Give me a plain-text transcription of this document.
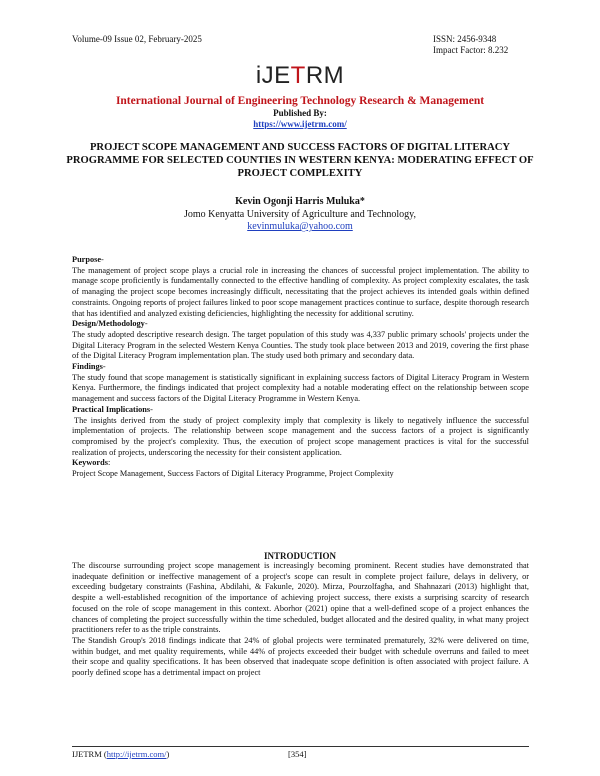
Volume-09 Issue 02, February-2025	ISSN: 2456-9348
Impact Factor: 8.232
iJETRM
International Journal of Engineering Technology Research & Management
Published By:
https://www.ijetrm.com/
PROJECT SCOPE MANAGEMENT AND SUCCESS FACTORS OF DIGITAL LITERACY PROGRAMME FOR SELECTED COUNTIES IN WESTERN KENYA: MODERATING EFFECT OF PROJECT COMPLEXITY
Kevin Ogonji Harris Muluka*
Jomo Kenyatta University of Agriculture and Technology,
kevinmuluka@yahoo.com

Purpose-

The management of project scope plays a crucial role in increasing the chances of successful project implementation. The ability to manage scope proficiently is fundamentally connected to the effective handling of complexity. As project complexity escalates, the task of managing the project scope becomes increasingly difficult, necessitating that the project achieves its intended goals within defined constraints. Ongoing reports of project failures linked to poor scope management practices continue to surface, despite thorough research that has identified and analyzed existing deficiencies, highlighting the necessity for additional scrutiny.

Design/Methodology-

The study adopted descriptive research design. The target population of this study was 4,337 public primary schools' projects under the Digital Literacy Program in the selected Western Kenya Counties. The study took place between 2013 and 2019, covering the first phase of the Digital Literacy Program implementation plan. The study used both primary and secondary data.

Findings-

The study found that scope management is statistically significant in explaining success factors of Digital Literacy Program in Western Kenya. Furthermore, the findings indicated that project complexity had a notable moderating effect on the relationship between scope management and success factors of the Digital Literacy Programme in Western Kenya.

Practical Implications-

The insights derived from the study of project complexity imply that complexity is likely to negatively influence the successful implementation of projects. The relationship between scope management and the success factors of a project is significantly compromised by the project's complexity. Thus, the execution of project scope management practices is vital for the successful realization of projects, underscoring the necessity for their consistent application.

Keywords:

Project Scope Management, Success Factors of Digital Literacy Programme, Project Complexity

INTRODUCTION

The discourse surrounding project scope management is increasingly becoming prominent. Recent studies have demonstrated that inadequate definition or ineffective management of a project's scope can result in complete project failure, delays in delivery, or exceeding budgetary constraints (Fashina, Abdilahi, & Fakunle, 2020). Mirza, Pourzolfagha, and Shahnazari (2013) highlight that, despite a well-established recognition of the importance of achieving project success, there exists a surprising scarcity of research focused on the role of scope management in this context. Aborhor (2021) opine that a well-defined scope of a project enhances the chances of completing the project successfully within the time scheduled, budget allocated and the desired quality, in what many project practitioners refer to as the triple constraints.

The Standish Group's 2018 findings indicate that 24% of global projects were terminated prematurely, 32% were delivered on time, within budget, and met quality requirements, while 44% of projects exceeded their budget with schedule overruns and failed to meet their scope and quality specifications. It has been observed that inadequate scope definition is often associated with project failure. A poorly defined scope has a detrimental impact on project

IJETRM (http://ijetrm.com/)	[354]
